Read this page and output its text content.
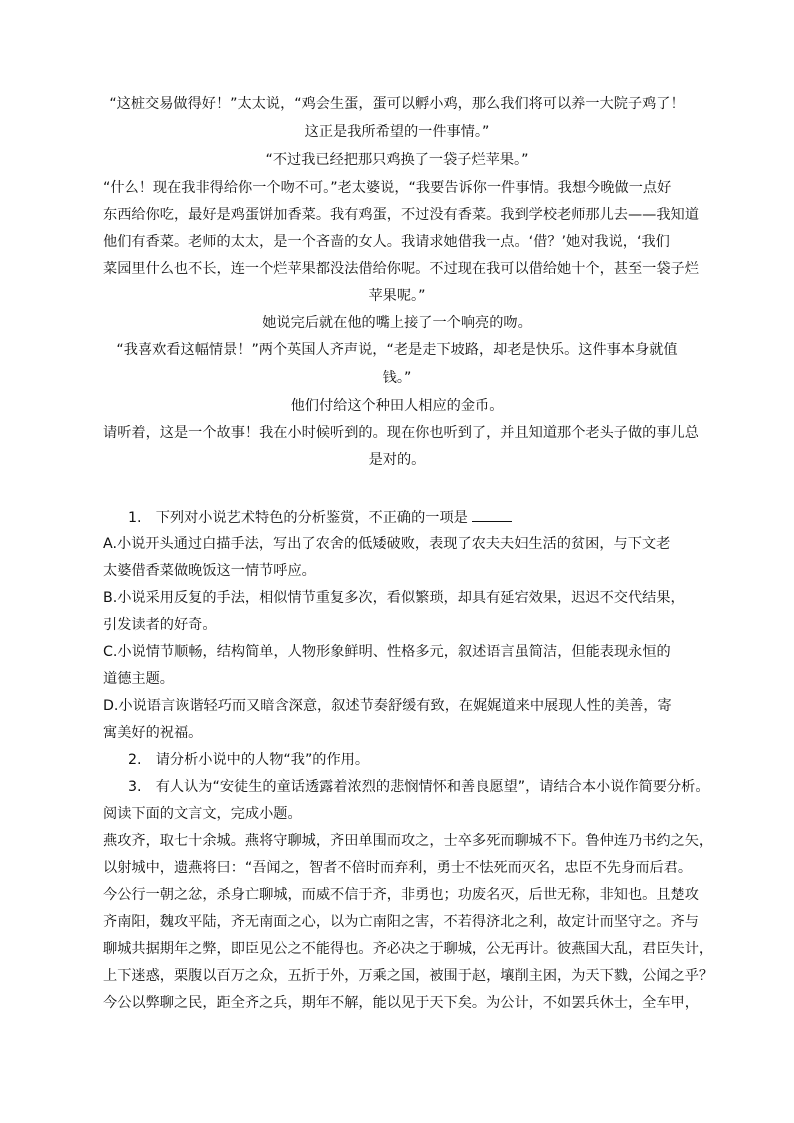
“这桩交易做得好！”太太说，“鸡会生蛋，蛋可以孵小鸡，那么我们将可以养一大院子鸡了！
这正是我所希望的一件事情。”
“不过我已经把那只鸡换了一袋子烂苹果。”
“什么！现在我非得给你一个吻不可。”老太婆说，“我要告诉你一件事情。我想今晚做一点好
东西给你吃，最好是鸡蛋饼加香菜。我有鸡蛋，不过没有香菜。我到学校老师那儿去——我知道
他们有香菜。老师的太太，是一个吝啬的女人。我请求她借我一点。‘借？’她对我说，‘我们
菜园里什么也不长，连一个烂苹果都没法借给你呢。不过现在我可以借给她十个，甚至一袋子烂
苹果呢。”
她说完后就在他的嘴上接了一个响亮的吻。
“我喜欢看这幅情景！”两个英国人齐声说，“老是走下坡路，却老是快乐。这件事本身就值
钱。”
他们付给这个种田人相应的金币。
请听着，这是一个故事！我在小时候听到的。现在你也听到了，并且知道那个老头子做的事儿总
是对的。
1.　下列对小说艺术特色的分析鉴赏，不正确的一项是
A.小说开头通过白描手法，写出了农舍的低矮破败，表现了农夫夫妇生活的贫困，与下文老
太婆借香菜做晚饭这一情节呼应。
B.小说采用反复的手法，相似情节重复多次，看似繁琐，却具有延宕效果，迟迟不交代结果，
引发读者的好奇。
C.小说情节顺畅，结构简单，人物形象鲜明、性格多元，叙述语言虽简洁，但能表现永恒的
道德主题。
D.小说语言诙谐轻巧而又暗含深意，叙述节奏舒缓有致，在娓娓道来中展现人性的美善，寄
寓美好的祝福。
2.　请分析小说中的人物“我”的作用。
3.　有人认为“安徒生的童话透露着浓烈的悲悯情怀和善良愿望”，请结合本小说作简要分析。
阅读下面的文言文，完成小题。
燕攻齐，取七十余城。燕将守聊城，齐田单围而攻之，士卒多死而聊城不下。鲁仲连乃书约之矢，
以射城中，遗燕将曰：“吾闻之，智者不倍时而弃利，勇士不怯死而灭名，忠臣不先身而后君。
今公行一朝之忿，杀身亡聊城，而威不信于齐，非勇也；功废名灭，后世无称，非知也。且楚攻
齐南阳，魏攻平陆，齐无南面之心，以为亡南阳之害，不若得济北之利，故定计而坚守之。齐与
聊城共据期年之弊，即臣见公之不能得也。齐必决之于聊城，公无再计。彼燕国大乱，君臣失计，
上下迷惑，栗腹以百万之众，五折于外，万乘之国，被围于赵，壤削主困，为天下戮，公闻之乎？
今公以弊聊之民，距全齐之兵，期年不解，能以见于天下矣。为公计，不如罢兵休士，全车甲，
